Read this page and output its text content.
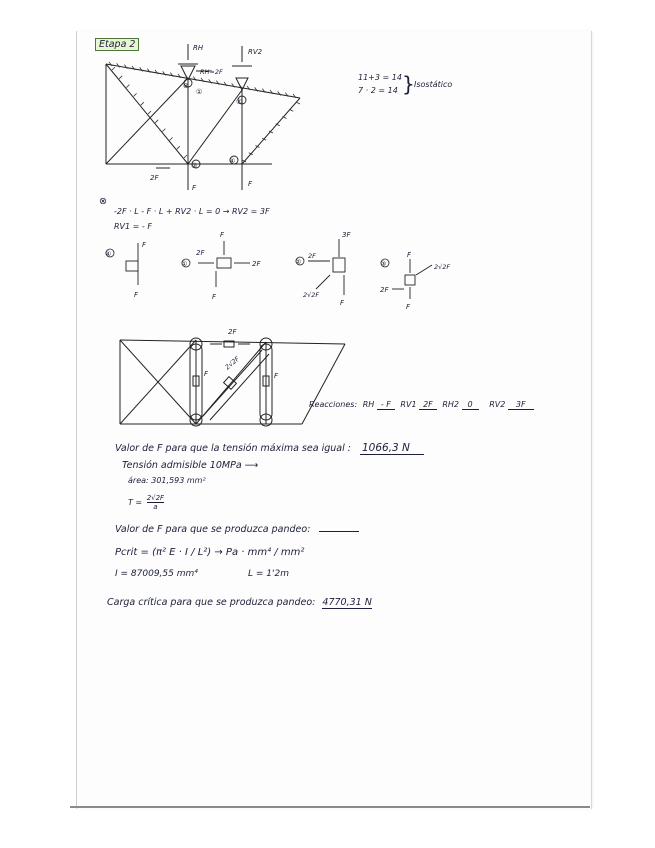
Etapa 2	RH	RV2
RH=2F
2F
F	F
⊗
①
②
③
④
11+3 = 14
7 · 2 = 14 } Isostático
⊗
-2F · L - F · L + RV2 · L = 0 → RV2 = 3F
RV1 = - F
④
F
F
①
F
2F
2F
F
②
3F
2F
2√2F
F
③
F
2√2F
2F
F
2F
F
2√2F
F
Reacciones: RH - F RV1 2F RH2 0 RV2 3F
Valor de F para que la tensión máxima sea igual : 1066,3 N
Tensión admisible 10MPa ⟶
área: 301,593 mm²
$T = \frac{2√2F}{a}$
Valor de F para que se produzca pandeo:
Pcrit = (π² E · I / L²) → Pa · mm⁴ / mm²
I = 87009,55 mm⁴	L = 1'2m
Carga crítica para que se produzca pandeo: 4770,31 N
